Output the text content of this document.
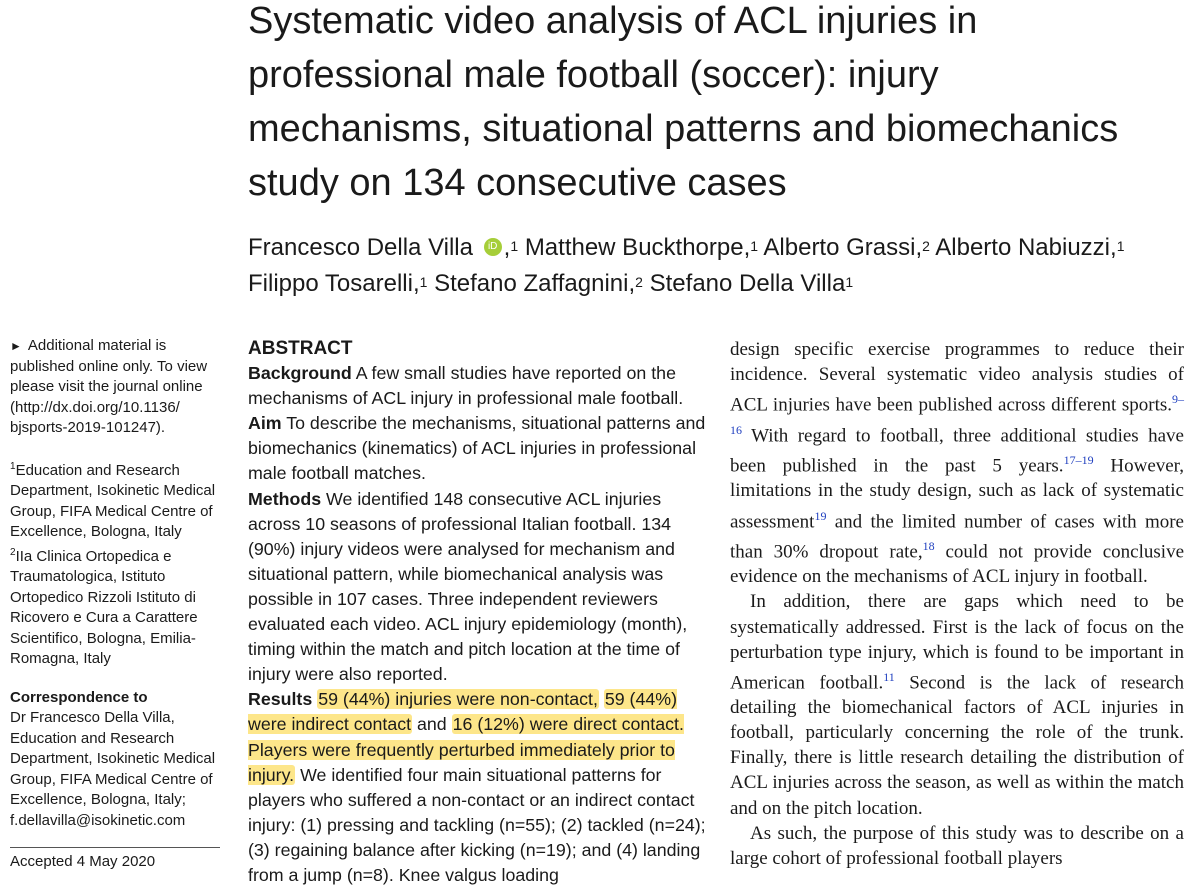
Systematic video analysis of ACL injuries in
professional male football (soccer): injury
mechanisms, situational patterns and biomechanics
study on 134 consecutive cases
Francesco Della Villa iD ,$^1$ Matthew Buckthorpe,$^1$ Alberto Grassi,$^2$ Alberto Nabiuzzi,$^1$
Filippo Tosarelli,$^1$ Stefano Zaffagnini,$^2$ Stefano Della Villa$^1$

► Additional material is published online only. To view please visit the journal online (http://dx.doi.org/10.1136/ bjsports-2019-101247).

$^1$Education and Research Department, Isokinetic Medical Group, FIFA Medical Centre of Excellence, Bologna, Italy

$^2$IIa Clinica Ortopedica e Traumatologica, Istituto Ortopedico Rizzoli Istituto di Ricovero e Cura a Carattere Scientifico, Bologna, Emilia-Romagna, Italy

Correspondence to

Dr Francesco Della Villa, Education and Research Department, Isokinetic Medical Group, FIFA Medical Centre of Excellence, Bologna, Italy; f.dellavilla@isokinetic.com

Accepted 4 May 2020

ABSTRACT

Background A few small studies have reported on the mechanisms of ACL injury in professional male football.

Aim To describe the mechanisms, situational patterns and biomechanics (kinematics) of ACL injuries in professional male football matches.

Methods We identified 148 consecutive ACL injuries across 10 seasons of professional Italian football. 134 (90%) injury videos were analysed for mechanism and situational pattern, while biomechanical analysis was possible in 107 cases. Three independent reviewers evaluated each video. ACL injury epidemiology (month), timing within the match and pitch location at the time of injury were also reported.

Results 59 (44%) injuries were non-contact, 59 (44%) were indirect contact and 16 (12%) were direct contact. Players were frequently perturbed immediately prior to injury. We identified four main situational patterns for players who suffered a non-contact or an indirect contact injury: (1) pressing and tackling (n=55); (2) tackled (n=24); (3) regaining balance after kicking (n=19); and (4) landing from a jump (n=8). Knee valgus loading

design specific exercise programmes to reduce their incidence. Several systematic video analysis studies of ACL injuries have been published across different sports.$^{9-16}$ With regard to football, three additional studies have been published in the past 5 years.$^{17-19}$ However, limitations in the study design, such as lack of systematic assessment$^{19}$ and the limited number of cases with more than 30% dropout rate,$^{18}$ could not provide conclusive evidence on the mechanisms of ACL injury in football.

In addition, there are gaps which need to be systematically addressed. First is the lack of focus on the perturbation type injury, which is found to be important in American football.$^{11}$ Second is the lack of research detailing the biomechanical factors of ACL injuries in football, particularly concerning the role of the trunk. Finally, there is little research detailing the distribution of ACL injuries across the season, as well as within the match and on the pitch location.

As such, the purpose of this study was to describe on a large cohort of professional football players
